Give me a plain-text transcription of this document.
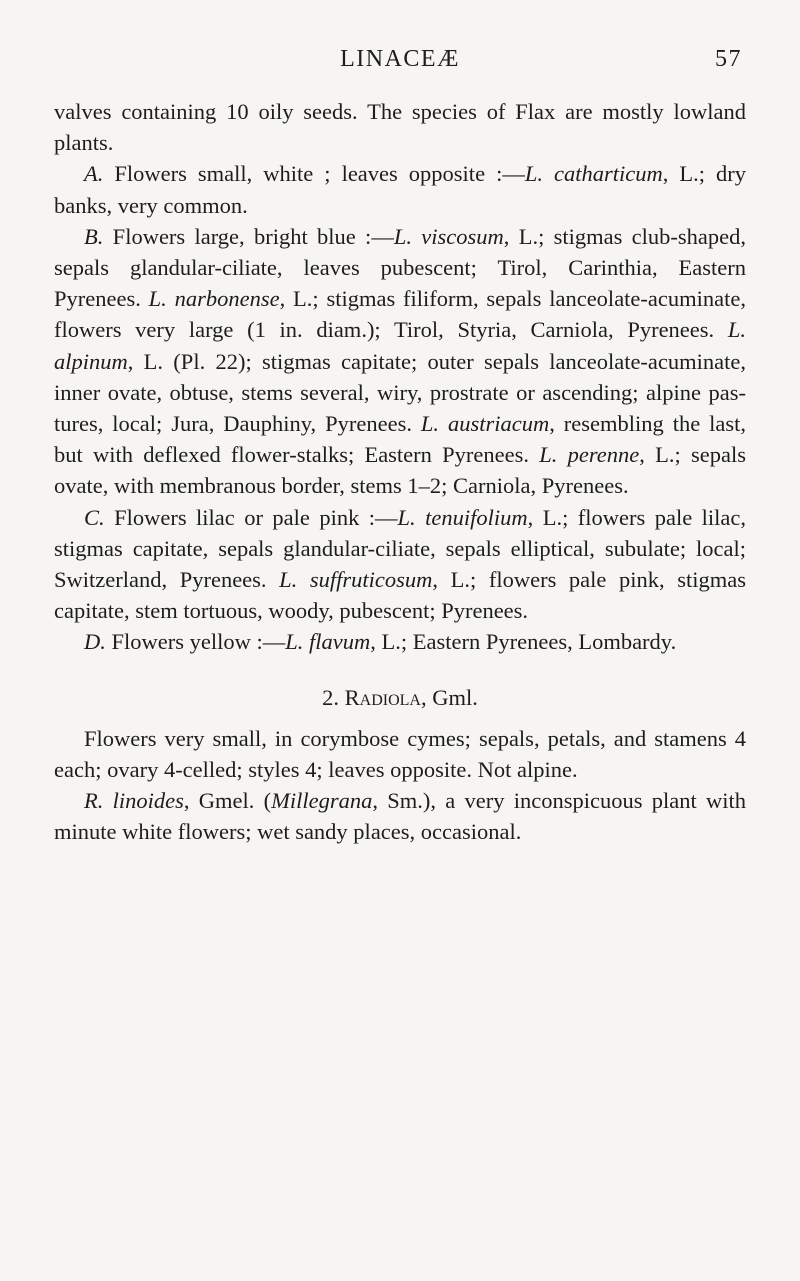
LINACEÆ	57

valves containing 10 oily seeds. The species of Flax are mostly lowland plants.

A. Flowers small, white ; leaves opposite :—L. catharticum, L.; dry banks, very common.

B. Flowers large, bright blue :—L. viscosum, L.; stigmas club-shaped, sepals glandular-ciliate, leaves pubescent; Tirol, Carinthia, Eastern Pyrenees. L. narbonense, L.; stigmas filiform, sepals lanceolate-acuminate, flowers very large (1 in. diam.); Tirol, Styria, Carniola, Pyrenees. L. alpinum, L. (Pl. 22); stigmas capitate; outer sepals lanceolate-acuminate, inner ovate, obtuse, stems several, wiry, prostrate or ascending; alpine pastures, local; Jura, Dauphiny, Pyrenees. L. austriacum, resembling the last, but with deflexed flower-stalks; Eastern Pyrenees. L. perenne, L.; sepals ovate, with membranous border, stems 1–2; Carniola, Pyrenees.

C. Flowers lilac or pale pink :—L. tenuifolium, L.; flowers pale lilac, stigmas capitate, sepals glandular-ciliate, sepals elliptical, subulate; local; Switzerland, Pyrenees. L. suffruticosum, L.; flowers pale pink, stigmas capitate, stem tortuous, woody, pubescent; Pyrenees.

D. Flowers yellow :—L. flavum, L.; Eastern Pyrenees, Lombardy.

2. Radiola, Gml.

Flowers very small, in corymbose cymes; sepals, petals, and stamens 4 each; ovary 4-celled; styles 4; leaves opposite. Not alpine.

R. linoides, Gmel. (Millegrana, Sm.), a very inconspicuous plant with minute white flowers; wet sandy places, occasional.
